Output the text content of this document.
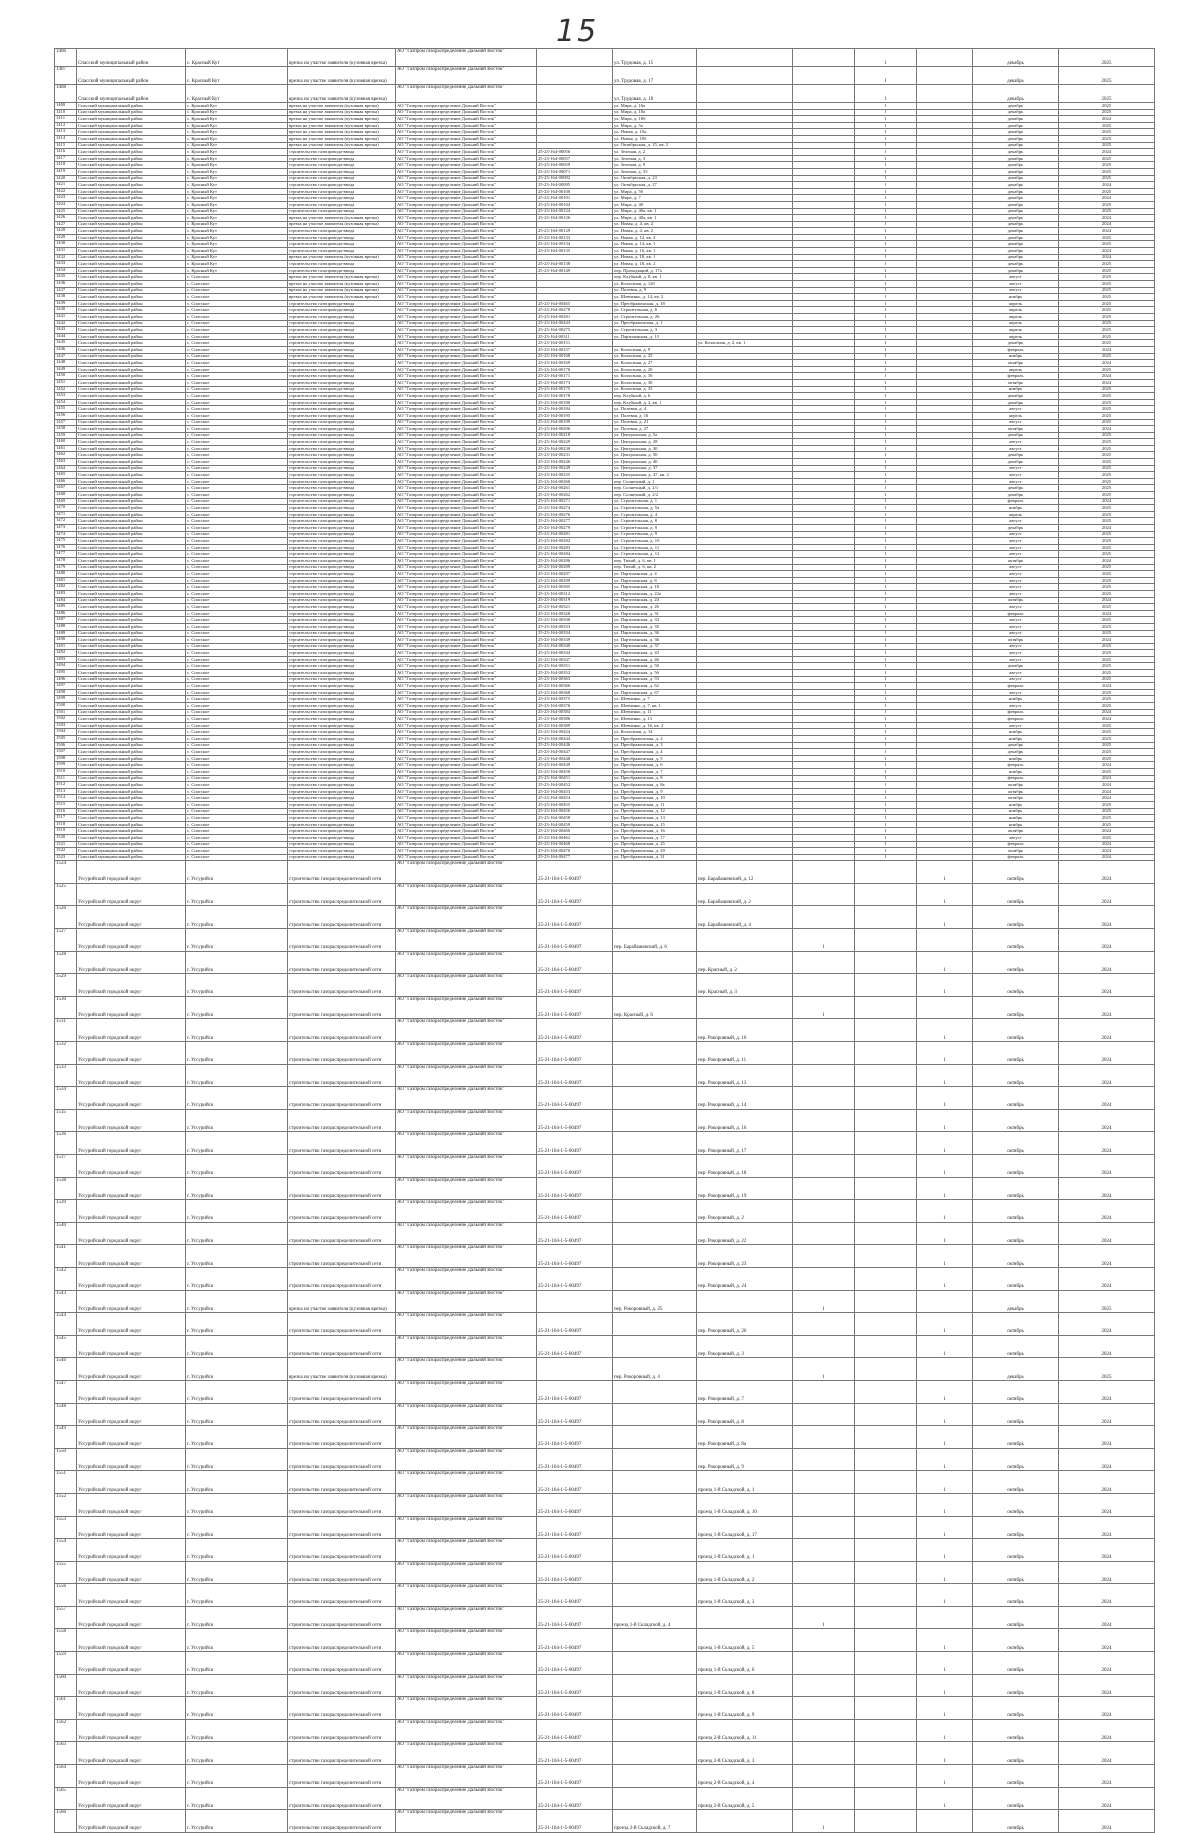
15
1406	Спасский муниципальный район	с. Красный Кут	врезка на участке заявителя (кузовная врезка)	АО "Газпром газораспределение Дальний Восток"		ул. Трудовая, д. 15			1		декабрь	2025
1407	Спасский муниципальный район	с. Красный Кут	врезка на участке заявителя (кузовная врезка)	АО "Газпром газораспределение Дальний Восток"		ул. Трудовая, д. 17			1		декабрь	2025
1408	Спасский муниципальный район	с. Красный Кут	врезка на участке заявителя (кузовная врезка)	АО "Газпром газораспределение Дальний Восток"		ул. Трудовая, д. 18			1		декабрь	2025
1409	Спасский муниципальный район	с. Красный Кут	врезка на участке заявителя (кузовная врезка)	АО "Газпром газораспределение Дальний Восток"		ул. Мира, д. 16а			1		декабрь	2025
1410	Спасский муниципальный район	с. Красный Кут	врезка на участке заявителя (кузовная врезка)	АО "Газпром газораспределение Дальний Восток"		ул. Мира, д. 18а			1		декабрь	2025
1411	Спасский муниципальный район	с. Красный Кут	врезка на участке заявителя (кузовная врезка)	АО "Газпром газораспределение Дальний Восток"		ул. Мира, д. 18б			1		декабрь	2024
1412	Спасский муниципальный район	с. Красный Кут	врезка на участке заявителя (кузовная врезка)	АО "Газпром газораспределение Дальний Восток"		ул. Мира, д. 5а			1		декабрь	2025
1413	Спасский муниципальный район	с. Красный Кут	врезка на участке заявителя (кузовная врезка)	АО "Газпром газораспределение Дальний Восток"		ул. Новая, д. 10а			1		декабрь	2025
1414	Спасский муниципальный район	с. Красный Кут	врезка на участке заявителя (кузовная врезка)	АО "Газпром газораспределение Дальний Восток"		ул. Новая, д. 10б			1		декабрь	2025
1415	Спасский муниципальный район	с. Красный Кут	врезка на участке заявителя (кузовная врезка)	АО "Газпром газораспределение Дальний Восток"		ул. Октябрьская, д. 15, кв. 2			1		декабрь	2025
1416	Спасский муниципальный район	с. Красный Кут	строительство газопровода-ввода	АО "Газпром газораспределение Дальний Восток"	25-23-164-00056	ул. Зеленая, д. 2			1		декабрь	2024
1417	Спасский муниципальный район	с. Красный Кут	строительство газопровода-ввода	АО "Газпром газораспределение Дальний Восток"	25-23-164-00057	ул. Зеленая, д. 3			1		декабрь	2025
1418	Спасский муниципальный район	с. Красный Кут	строительство газопровода-ввода	АО "Газпром газораспределение Дальний Восток"	25-23-164-00059	ул. Зеленая, д. 9			1		декабрь	2025
1419	Спасский муниципальный район	с. Красный Кут	строительство газопровода-ввода	АО "Газпром газораспределение Дальний Восток"	25-23-164-00071	ул. Зеленая, д. 35			1		декабрь	2025
1420	Спасский муниципальный район	с. Красный Кут	строительство газопровода-ввода	АО "Газпром газораспределение Дальний Восток"	25-23-164-00092	ул. Октябрьская, д. 23			1		декабрь	2025
1421	Спасский муниципальный район	с. Красный Кут	строительство газопровода-ввода	АО "Газпром газораспределение Дальний Восток"	25-23-164-00095	ул. Октябрьская, д. 27			1		декабрь	2024
1422	Спасский муниципальный район	с. Красный Кут	строительство газопровода-ввода	АО "Газпром газораспределение Дальний Восток"	25-23-164-00100	ул. Мира, д. 5б			1		декабрь	2025
1423	Спасский муниципальный район	с. Красный Кут	строительство газопровода-ввода	АО "Газпром газораспределение Дальний Восток"	25-23-164-00101	ул. Мира, д. 7			1		декабрь	2024
1424	Спасский муниципальный район	с. Красный Кут	строительство газопровода-ввода	АО "Газпром газораспределение Дальний Восток"	25-23-164-00104	ул. Мира, д. 40			1		декабрь	2025
1425	Спасский муниципальный район	с. Красный Кут	строительство газопровода-ввода	АО "Газпром газораспределение Дальний Восток"	25-23-164-00124	ул. Мира, д. 40а, кв. 1			1		декабрь	2025
1426	Спасский муниципальный район	с. Красный Кут	врезка на участке заявителя (кузовная врезка)	АО "Газпром газораспределение Дальний Восток"	25-23-164-00126	ул. Мира, д. 40а, кв. 1			1		декабрь	2024
1427	Спасский муниципальный район	с. Красный Кут	врезка на участке заявителя (кузовная врезка)	АО "Газпром газораспределение Дальний Восток"		ул. Новая, д. 4, кв. 2			1		декабрь	2024
1428	Спасский муниципальный район	с. Красный Кут	строительство газопровода-ввода	АО "Газпром газораспределение Дальний Восток"	25-23-164-00129	ул. Новая, д. 4, кв. 2			1		декабрь	2024
1429	Спасский муниципальный район	с. Красный Кут	строительство газопровода-ввода	АО "Газпром газораспределение Дальний Восток"	25-23-164-00133	ул. Новая, д. 12, кв. 2			1		декабрь	2025
1430	Спасский муниципальный район	с. Красный Кут	строительство газопровода-ввода	АО "Газпром газораспределение Дальний Восток"	25-23-164-00134	ул. Новая, д. 14, кв. 1			1		декабрь	2025
1431	Спасский муниципальный район	с. Красный Кут	строительство газопровода-ввода	АО "Газпром газораспределение Дальний Восток"	25-23-164-00135	ул. Новая, д. 16, кв. 1			1		декабрь	2024
1432	Спасский муниципальный район	с. Красный Кут	врезка на участке заявителя (кузовная врезка)	АО "Газпром газораспределение Дальний Восток"		ул. Новая, д. 18, кв. 1			1		декабрь	2024
1433	Спасский муниципальный район	с. Красный Кут	строительство газопровода-ввода	АО "Газпром газораспределение Дальний Восток"	25-23-164-00138	ул. Новая, д. 18, кв. 2			1		декабрь	2025
1434	Спасский муниципальный район	с. Красный Кут	строительство газопровода-ввода	АО "Газпром газораспределение Дальний Восток"	25-23-164-00149	пер. Проходящий, д. 17а			1		декабрь	2025
1435	Спасский муниципальный район	с. Спасское	врезка на участке заявителя (кузовная врезка)	АО "Газпром газораспределение Дальний Восток"		пер. Клубный, д. 8, кв. 1			1		август	2025
1436	Спасский муниципальный район	с. Спасское	врезка на участке заявителя (кузовная врезка)	АО "Газпром газораспределение Дальний Восток"		ул. Колхозная, д. 12б			1		август	2025
1437	Спасский муниципальный район	с. Спасское	врезка на участке заявителя (кузовная врезка)	АО "Газпром газораспределение Дальний Восток"		ул. Полевая, д. 9			1		август	2025
1438	Спасский муниципальный район	с. Спасское	врезка на участке заявителя (кузовная врезка)	АО "Газпром газораспределение Дальний Восток"		ул. Шевченко, д. 14, кв. 2			1		ноябрь	2025
1439	Спасский муниципальный район	с. Спасское	строительство газопровода-ввода	АО "Газпром газораспределение Дальний Восток"	25-23-164-00465	ул. Преображенская, д. 18			1		апрель	2025
1440	Спасский муниципальный район	с. Спасское	строительство газопровода-ввода	АО "Газпром газораспределение Дальний Восток"	25-23-164-00278	ул. Строительная, д. 6			1		апрель	2025
1441	Спасский муниципальный район	с. Спасское	строительство газопровода-ввода	АО "Газпром газораспределение Дальний Восток"	25-23-164-00281	ул. Строительная, д. 26			1		апрель	2025
1442	Спасский муниципальный район	с. Спасское	строительство газопровода-ввода	АО "Газпром газораспределение Дальний Восток"	25-23-164-00443	ул. Преображенская, д. 1			1		апрель	2025
1443	Спасский муниципальный район	с. Спасское	строительство газопровода-ввода	АО "Газпром газораспределение Дальний Восток"	25-23-164-00275	ул. Строительная, д. 3			1		апрель	2025
1444	Спасский муниципальный район	с. Спасское	строительство газопровода-ввода	АО "Газпром газораспределение Дальний Восток"	25-23-164-00311	ул. Партизанская, д. 13			1		апрель	2025
1445	Спасский муниципальный район	с. Спасское	строительство газопровода-ввода	АО "Газпром газораспределение Дальний Восток"	25-23-164-00151		ул. Колхозная, д. 2, кв. 1		1		декабрь	2025
1446	Спасский муниципальный район	с. Спасское	строительство газопровода-ввода	АО "Газпром газораспределение Дальний Восток"	25-23-164-00157	ул. Колхозная, д. 9			1		февраль	2024
1447	Спасский муниципальный район	с. Спасское	строительство газопровода-ввода	АО "Газпром газораспределение Дальний Восток"	25-23-164-00168	ул. Колхозная, д. 25			1		ноябрь	2025
1448	Спасский муниципальный район	с. Спасское	строительство газопровода-ввода	АО "Газпром газораспределение Дальний Восток"	25-23-164-00169	ул. Колхозная, д. 27			1		октябрь	2024
1449	Спасский муниципальный район	с. Спасское	строительство газопровода-ввода	АО "Газпром газораспределение Дальний Восток"	25-23-164-00170	ул. Колхозная, д. 29			1		апрель	2025
1450	Спасский муниципальный район	с. Спасское	строительство газопровода-ввода	АО "Газпром газораспределение Дальний Восток"	25-23-164-00171	ул. Колхозная, д. 16			1		февраль	2024
1451	Спасский муниципальный район	с. Спасское	строительство газопровода-ввода	АО "Газпром газораспределение Дальний Восток"	25-23-164-00173	ул. Колхозная, д. 30			1		октябрь	2024
1452	Спасский муниципальный район	с. Спасское	строительство газопровода-ввода	АО "Газпром газораспределение Дальний Восток"	25-23-164-00175	ул. Колхозная, д. 33			1		ноябрь	2025
1453	Спасский муниципальный район	с. Спасское	строительство газопровода-ввода	АО "Газпром газораспределение Дальний Восток"	25-23-164-00178	пер. Клубный, д. 6			1		декабрь	2025
1454	Спасский муниципальный район	с. Спасское	строительство газопровода-ввода	АО "Газпром газораспределение Дальний Восток"	25-23-164-00180	пер. Клубный, д. 2, кв. 1			1		декабрь	2025
1455	Спасский муниципальный район	с. Спасское	строительство газопровода-ввода	АО "Газпром газораспределение Дальний Восток"	25-23-164-00184	ул. Полевая, д. 4			1		август	2025
1456	Спасский муниципальный район	с. Спасское	строительство газопровода-ввода	АО "Газпром газораспределение Дальний Восток"	25-23-164-00195	ул. Полевая, д. 16			1		апрель	2025
1457	Спасский муниципальный район	с. Спасское	строительство газопровода-ввода	АО "Газпром газораспределение Дальний Восток"	25-23-164-00199	ул. Полевая, д. 21			1		август	2025
1458	Спасский муниципальный район	с. Спасское	строительство газопровода-ввода	АО "Газпром газораспределение Дальний Восток"	25-23-164-00206	ул. Полевая, д. 27			1		октябрь	2024
1459	Спасский муниципальный район	с. Спасское	строительство газопровода-ввода	АО "Газпром газораспределение Дальний Восток"	25-23-164-00218	ул. Центральная, д. 5а			1		декабрь	2025
1460	Спасский муниципальный район	с. Спасское	строительство газопровода-ввода	АО "Газпром газораспределение Дальний Восток"	25-23-164-00229	ул. Центральная, д. 28			1		август	2025
1461	Спасский муниципальный район	с. Спасское	строительство газопровода-ввода	АО "Газпром газораспределение Дальний Восток"	25-23-164-00230	ул. Центральная, д. 30			1		август	2025
1462	Спасский муниципальный район	с. Спасское	строительство газопровода-ввода	АО "Газпром газораспределение Дальний Восток"	25-23-164-00231	ул. Центральная, д. 50			1		декабрь	2025
1463	Спасский муниципальный район	с. Спасское	строительство газопровода-ввода	АО "Газпром газораспределение Дальний Восток"	25-23-164-00246	ул. Центральная, д. 40			1		декабрь	2025
1464	Спасский муниципальный район	с. Спасское	строительство газопровода-ввода	АО "Газпром газораспределение Дальний Восток"	25-23-164-00249	ул. Центральная, д. 37			1		август	2025
1465	Спасский муниципальный район	с. Спасское	строительство газопровода-ввода	АО "Газпром газораспределение Дальний Восток"	25-23-164-00255	ул. Центральная, д. 47, кв. 2			1		август	2025
1466	Спасский муниципальный район	с. Спасское	строительство газопровода-ввода	АО "Газпром газораспределение Дальний Восток"	25-23-164-00260	пер. Солнечный, д. 1			1		август	2025
1467	Спасский муниципальный район	с. Спасское	строительство газопровода-ввода	АО "Газпром газораспределение Дальний Восток"	25-23-164-00261	пер. Солнечный, д. 2/1			1		декабрь	2025
1468	Спасский муниципальный район	с. Спасское	строительство газопровода-ввода	АО "Газпром газораспределение Дальний Восток"	25-23-164-00262	пер. Солнечный, д. 2/2			1		декабрь	2025
1469	Спасский муниципальный район	с. Спасское	строительство газопровода-ввода	АО "Газпром газораспределение Дальний Восток"	25-23-164-00271	ул. Строительная, д. 1			1		февраль	2024
1470	Спасский муниципальный район	с. Спасское	строительство газопровода-ввода	АО "Газпром газораспределение Дальний Восток"	25-23-164-00274	ул. Строительная, д. 5а			1		ноябрь	2025
1471	Спасский муниципальный район	с. Спасское	строительство газопровода-ввода	АО "Газпром газораспределение Дальний Восток"	25-23-164-00276	ул. Строительная, д. 4			1		апрель	2025
1472	Спасский муниципальный район	с. Спасское	строительство газопровода-ввода	АО "Газпром газораспределение Дальний Восток"	25-23-164-00277	ул. Строительная, д. 8			1		август	2025
1473	Спасский муниципальный район	с. Спасское	строительство газопровода-ввода	АО "Газпром газораспределение Дальний Восток"	25-23-164-00279	ул. Строительная, д. 9			1		декабрь	2024
1474	Спасский муниципальный район	с. Спасское	строительство газопровода-ввода	АО "Газпром газораспределение Дальний Восток"	25-23-164-00281	ул. Строительная, д. 9			1		август	2025
1475	Спасский муниципальный район	с. Спасское	строительство газопровода-ввода	АО "Газпром газораспределение Дальний Восток"	25-23-164-00282	ул. Строительная, д. 10			1		август	2025
1476	Спасский муниципальный район	с. Спасское	строительство газопровода-ввода	АО "Газпром газораспределение Дальний Восток"	25-23-164-00283	ул. Строительная, д. 11			1		август	2025
1477	Спасский муниципальный район	с. Спасское	строительство газопровода-ввода	АО "Газпром газораспределение Дальний Восток"	25-23-164-00284	ул. Строительная, д. 12			1		август	2025
1478	Спасский муниципальный район	с. Спасское	строительство газопровода-ввода	АО "Газпром газораспределение Дальний Восток"	25-23-164-00286	пер. Тихий, д. 6, кв. 1			1		октябрь	2024
1479	Спасский муниципальный район	с. Спасское	строительство газопровода-ввода	АО "Газпром газораспределение Дальний Восток"	25-23-164-00289	пер. Тихий, д. 6, кв. 2			1		август	2025
1480	Спасский муниципальный район	с. Спасское	строительство газопровода-ввода	АО "Газпром газораспределение Дальний Восток"	25-23-164-00297	ул. Партизанская, д. 4			1		август	2025
1481	Спасский муниципальный район	с. Спасское	строительство газопровода-ввода	АО "Газпром газораспределение Дальний Восток"	25-23-164-00299	ул. Партизанская, д. 8			1		август	2025
1482	Спасский муниципальный район	с. Спасское	строительство газопровода-ввода	АО "Газпром газораспределение Дальний Восток"	25-23-164-00305	ул. Партизанская, д. 18			1		август	2025
1483	Спасский муниципальный район	с. Спасское	строительство газопровода-ввода	АО "Газпром газораспределение Дальний Восток"	25-23-164-00312	ул. Партизанская, д. 22а			1		август	2025
1484	Спасский муниципальный район	с. Спасское	строительство газопровода-ввода	АО "Газпром газораспределение Дальний Восток"	25-23-164-00319	ул. Партизанская, д. 24			1		октябрь	2024
1485	Спасский муниципальный район	с. Спасское	строительство газопровода-ввода	АО "Газпром газораспределение Дальний Восток"	25-23-164-00321	ул. Партизанская, д. 26			1		август	2025
1486	Спасский муниципальный район	с. Спасское	строительство газопровода-ввода	АО "Газпром газораспределение Дальний Восток"	25-23-164-00328	ул. Партизанская, д. 31			1		февраль	2024
1487	Спасский муниципальный район	с. Спасское	строительство газопровода-ввода	АО "Газпром газораспределение Дальний Восток"	25-23-164-00330	ул. Партизанская, д. 33			1		август	2025
1488	Спасский муниципальный район	с. Спасское	строительство газопровода-ввода	АО "Газпром газораспределение Дальний Восток"	25-23-164-00333	ул. Партизанская, д. 35			1		август	2025
1489	Спасский муниципальный район	с. Спасское	строительство газопровода-ввода	АО "Газпром газораспределение Дальний Восток"	25-23-164-00334	ул. Партизанская, д. 36			1		август	2025
1490	Спасский муниципальный район	с. Спасское	строительство газопровода-ввода	АО "Газпром газораспределение Дальний Восток"	25-23-164-00339	ул. Партизанская, д. 36			1		октябрь	2024
1491	Спасский муниципальный район	с. Спасское	строительство газопровода-ввода	АО "Газпром газораспределение Дальний Восток"	25-23-164-00340	ул. Партизанская, д. 37			1		август	2025
1492	Спасский муниципальный район	с. Спасское	строительство газопровода-ввода	АО "Газпром газораспределение Дальний Восток"	25-23-164-00344	ул. Партизанская, д. 43			1		август	2025
1493	Спасский муниципальный район	с. Спасское	строительство газопровода-ввода	АО "Газпром газораспределение Дальний Восток"	25-23-164-00347	ул. Партизанская, д. 46			1		август	2025
1494	Спасский муниципальный район	с. Спасское	строительство газопровода-ввода	АО "Газпром газораспределение Дальний Восток"	25-23-164-00351	ул. Партизанская, д. 50			1		декабрь	2025
1495	Спасский муниципальный район	с. Спасское	строительство газопровода-ввода	АО "Газпром газораспределение Дальний Восток"	25-23-164-00352	ул. Партизанская, д. 56			1		август	2025
1496	Спасский муниципальный район	с. Спасское	строительство газопровода-ввода	АО "Газпром газораспределение Дальний Восток"	25-23-164-00363	ул. Партизанская, д. 53			1		август	2025
1497	Спасский муниципальный район	с. Спасское	строительство газопровода-ввода	АО "Газпром газораспределение Дальний Восток"	25-23-164-00366	ул. Партизанская, д. 62			1		февраль	2024
1498	Спасский муниципальный район	с. Спасское	строительство газопровода-ввода	АО "Газпром газораспределение Дальний Восток"	25-23-164-00368	ул. Партизанская, д. 67			1		август	2025
1499	Спасский муниципальный район	с. Спасское	строительство газопровода-ввода	АО "Газпром газораспределение Дальний Восток"	25-23-164-00375	ул. Шевченко, д. 7			1		ноябрь	2025
1500	Спасский муниципальный район	с. Спасское	строительство газопровода-ввода	АО "Газпром газораспределение Дальний Восток"	25-23-164-00376	ул. Шевченко, д. 7, кв. 1			1		август	2025
1501	Спасский муниципальный район	с. Спасское	строительство газопровода-ввода	АО "Газпром газораспределение Дальний Восток"	25-23-164-00384	ул. Шевченко, д. 11			1		февраль	2024
1502	Спасский муниципальный район	с. Спасское	строительство газопровода-ввода	АО "Газпром газораспределение Дальний Восток"	25-23-164-00386	ул. Шевченко, д. 13			1		февраль	2024
1503	Спасский муниципальный район	с. Спасское	строительство газопровода-ввода	АО "Газпром газораспределение Дальний Восток"	25-23-164-00389	ул. Шевченко, д. 16, кв. 2			1		август	2025
1504	Спасский муниципальный район	с. Спасское	строительство газопровода-ввода	АО "Газпром газораспределение Дальний Восток"	25-23-164-00424	ул. Колхозная, д. 14			1		ноябрь	2025
1505	Спасский муниципальный район	с. Спасское	строительство газопровода-ввода	АО "Газпром газораспределение Дальний Восток"	25-23-164-00444	ул. Преображенская, д. 2			1		ноябрь	2025
1506	Спасский муниципальный район	с. Спасское	строительство газопровода-ввода	АО "Газпром газораспределение Дальний Восток"	25-23-164-00446	ул. Преображенская, д. 3			1		декабрь	2025
1507	Спасский муниципальный район	с. Спасское	строительство газопровода-ввода	АО "Газпром газораспределение Дальний Восток"	25-23-164-00447	ул. Преображенская, д. 4			1		декабрь	2025
1508	Спасский муниципальный район	с. Спасское	строительство газопровода-ввода	АО "Газпром газораспределение Дальний Восток"	25-23-164-00448	ул. Преображенская, д. 5			1		ноябрь	2025
1509	Спасский муниципальный район	с. Спасское	строительство газопровода-ввода	АО "Газпром газораспределение Дальний Восток"	25-23-164-00449	ул. Преображенская, д. 6			1		февраль	2024
1510	Спасский муниципальный район	с. Спасское	строительство газопровода-ввода	АО "Газпром газораспределение Дальний Восток"	25-23-164-00450	ул. Преображенская, д. 7			1		ноябрь	2025
1511	Спасский муниципальный район	с. Спасское	строительство газопровода-ввода	АО "Газпром газораспределение Дальний Восток"	25-23-164-00451	ул. Преображенская, д. 8			1		февраль	2024
1512	Спасский муниципальный район	с. Спасское	строительство газопровода-ввода	АО "Газпром газораспределение Дальний Восток"	25-23-164-00452	ул. Преображенская, д. 8а			1		октябрь	2024
1513	Спасский муниципальный район	с. Спасское	строительство газопровода-ввода	АО "Газпром газораспределение Дальний Восток"	25-23-164-00453	ул. Преображенская, д. 9			1		октябрь	2024
1514	Спасский муниципальный район	с. Спасское	строительство газопровода-ввода	АО "Газпром газораспределение Дальний Восток"	25-23-164-00454	ул. Преображенская, д. 10			1		октябрь	2024
1515	Спасский муниципальный район	с. Спасское	строительство газопровода-ввода	АО "Газпром газораспределение Дальний Восток"	25-23-164-00455	ул. Преображенская, д. 11			1		ноябрь	2025
1516	Спасский муниципальный район	с. Спасское	строительство газопровода-ввода	АО "Газпром газораспределение Дальний Восток"	25-23-164-00456	ул. Преображенская, д. 12			1		ноябрь	2025
1517	Спасский муниципальный район	с. Спасское	строительство газопровода-ввода	АО "Газпром газораспределение Дальний Восток"	25-23-164-00458	ул. Преображенская, д. 13			1		ноябрь	2025
1518	Спасский муниципальный район	с. Спасское	строительство газопровода-ввода	АО "Газпром газораспределение Дальний Восток"	25-23-164-00459	ул. Преображенская, д. 15			1		ноябрь	2025
1519	Спасский муниципальный район	с. Спасское	строительство газопровода-ввода	АО "Газпром газораспределение Дальний Восток"	25-23-164-00460	ул. Преображенская, д. 16			1		октябрь	2024
1520	Спасский муниципальный район	с. Спасское	строительство газопровода-ввода	АО "Газпром газораспределение Дальний Восток"	25-23-164-00462	ул. Преображенская, д. 17			1		август	2025
1521	Спасский муниципальный район	с. Спасское	строительство газопровода-ввода	АО "Газпром газораспределение Дальний Восток"	25-23-164-00468	ул. Преображенская, д. 25			1		февраль	2024
1522	Спасский муниципальный район	с. Спасское	строительство газопровода-ввода	АО "Газпром газораспределение Дальний Восток"	25-23-164-00470	ул. Преображенская, д. 29			1		октябрь	2024
1523	Спасский муниципальный район	с. Спасское	строительство газопровода-ввода	АО "Газпром газораспределение Дальний Восток"	25-23-164-00477	ул. Преображенская, д. 31			1		февраль	2024
1524	Уссурийский городской округ	г. Уссурийск	строительство газораспределительной сети	АО "Газпром газораспределение Дальний Восток"	25-21-164-1-5-00497		пер. Барабашевский, д. 12			1	октябрь	2024
1525	Уссурийский городской округ	г. Уссурийск	строительство газораспределительной сети	АО "Газпром газораспределение Дальний Восток"	25-21-164-1-5-00497		пер. Барабашевский, д. 2			1	октябрь	2024
1526	Уссурийский городской округ	г. Уссурийск	строительство газораспределительной сети	АО "Газпром газораспределение Дальний Восток"	25-21-164-1-5-00497		пер. Барабашевский, д. 4			1	октябрь	2024
1527	Уссурийский городской округ	г. Уссурийск	строительство газораспределительной сети	АО "Газпром газораспределение Дальний Восток"	25-21-164-1-5-00497	пер. Барабашевский, д. 6		1			октябрь	2024
1528	Уссурийский городской округ	г. Уссурийск	строительство газораспределительной сети	АО "Газпром газораспределение Дальний Восток"	25-21-164-1-5-00497		пер. Красный, д. 2			1	октябрь	2024
1529	Уссурийский городской округ	г. Уссурийск	строительство газораспределительной сети	АО "Газпром газораспределение Дальний Восток"	25-21-164-1-5-00497		пер. Красный, д. 3			1	октябрь	2024
1530	Уссурийский городской округ	г. Уссурийск	строительство газораспределительной сети	АО "Газпром газораспределение Дальний Восток"	25-21-164-1-5-00497	пер. Красный, д. 6		1			октябрь	2024
1531	Уссурийский городской округ	г. Уссурийск	строительство газораспределительной сети	АО "Газпром газораспределение Дальний Восток"	25-21-164-1-5-00497		пер. Рокоровный, д. 10			1	октябрь	2024
1532	Уссурийский городской округ	г. Уссурийск	строительство газораспределительной сети	АО "Газпром газораспределение Дальний Восток"	25-21-164-1-5-00497		пер. Рокоровный, д. 11			1	октябрь	2024
1533	Уссурийский городской округ	г. Уссурийск	строительство газораспределительной сети	АО "Газпром газораспределение Дальний Восток"	25-21-164-1-5-00497		пер. Рокоровный, д. 13			1	октябрь	2024
1534	Уссурийский городской округ	г. Уссурийск	строительство газораспределительной сети	АО "Газпром газораспределение Дальний Восток"	25-21-164-1-5-00497		пер. Рокоровный, д. 14			1	октябрь	2024
1535	Уссурийский городской округ	г. Уссурийск	строительство газораспределительной сети	АО "Газпром газораспределение Дальний Восток"	25-21-164-1-5-00497		пер. Рокоровный, д. 16			1	октябрь	2024
1536	Уссурийский городской округ	г. Уссурийск	строительство газораспределительной сети	АО "Газпром газораспределение Дальний Восток"	25-21-164-1-5-00497		пер. Рокоровный, д. 17			1	октябрь	2024
1537	Уссурийский городской округ	г. Уссурийск	строительство газораспределительной сети	АО "Газпром газораспределение Дальний Восток"	25-21-164-1-5-00497		пер. Рокоровный, д. 18			1	октябрь	2024
1538	Уссурийский городской округ	г. Уссурийск	строительство газораспределительной сети	АО "Газпром газораспределение Дальний Восток"	25-21-164-1-5-00497		пер. Рокоровный, д. 19			1	октябрь	2024
1539	Уссурийский городской округ	г. Уссурийск	строительство газораспределительной сети	АО "Газпром газораспределение Дальний Восток"	25-21-164-1-5-00497		пер. Рокоровный, д. 2			1	октябрь	2024
1540	Уссурийский городской округ	г. Уссурийск	строительство газораспределительной сети	АО "Газпром газораспределение Дальний Восток"	25-21-164-1-5-00497		пер. Рокоровный, д. 22			1	октябрь	2024
1541	Уссурийский городской округ	г. Уссурийск	строительство газораспределительной сети	АО "Газпром газораспределение Дальний Восток"	25-21-164-1-5-00497		пер. Рокоровный, д. 23			1	октябрь	2024
1542	Уссурийский городской округ	г. Уссурийск	строительство газораспределительной сети	АО "Газпром газораспределение Дальний Восток"	25-21-164-1-5-00497		пер. Рокоровный, д. 24			1	октябрь	2024
1543	Уссурийский городской округ	г. Уссурийск	врезка на участке заявителя (кузовная врезка)	АО "Газпром газораспределение Дальний Восток"		пер. Рокоровный, д. 25		1			декабрь	2025
1544	Уссурийский городской округ	г. Уссурийск	строительство газораспределительной сети	АО "Газпром газораспределение Дальний Восток"	25-21-164-1-5-00497		пер. Рокоровный, д. 26			1	октябрь	2024
1545	Уссурийский городской округ	г. Уссурийск	строительство газораспределительной сети	АО "Газпром газораспределение Дальний Восток"	25-21-164-1-5-00497		пер. Рокоровный, д. 3			1	октябрь	2024
1546	Уссурийский городской округ	г. Уссурийск	врезка на участке заявителя (кузовная врезка)	АО "Газпром газораспределение Дальний Восток"		пер. Рокоровный, д. 4		1			декабрь	2025
1547	Уссурийский городской округ	г. Уссурийск	строительство газораспределительной сети	АО "Газпром газораспределение Дальний Восток"	25-21-164-1-5-00497		пер. Рокоровный, д. 7			1	октябрь	2024
1548	Уссурийский городской округ	г. Уссурийск	строительство газораспределительной сети	АО "Газпром газораспределение Дальний Восток"	25-21-164-1-5-00497		пер. Рокоровный, д. 8			1	октябрь	2024
1549	Уссурийский городской округ	г. Уссурийск	строительство газораспределительной сети	АО "Газпром газораспределение Дальний Восток"	25-21-164-1-5-00497		пер. Рокоровный, д. 8а			1	октябрь	2024
1550	Уссурийский городской округ	г. Уссурийск	строительство газораспределительной сети	АО "Газпром газораспределение Дальний Восток"	25-21-164-1-5-00497		пер. Рокоровный, д. 9			1	октябрь	2024
1551	Уссурийский городской округ	г. Уссурийск	строительство газораспределительной сети	АО "Газпром газораспределение Дальний Восток"	25-21-164-1-5-00497		проезд 1-й Складской, д. 1			1	октябрь	2024
1552	Уссурийский городской округ	г. Уссурийск	строительство газораспределительной сети	АО "Газпром газораспределение Дальний Восток"	25-21-164-1-5-00497		проезд 1-й Складской, д. 10			1	октябрь	2024
1553	Уссурийский городской округ	г. Уссурийск	строительство газораспределительной сети	АО "Газпром газораспределение Дальний Восток"	25-21-164-1-5-00497		проезд 1-й Складской, д. 17			1	октябрь	2024
1554	Уссурийский городской округ	г. Уссурийск	строительство газораспределительной сети	АО "Газпром газораспределение Дальний Восток"	25-21-164-1-5-00497		проезд 1-й Складской, д. 1			1	октябрь	2024
1555	Уссурийский городской округ	г. Уссурийск	строительство газораспределительной сети	АО "Газпром газораспределение Дальний Восток"	25-21-164-1-5-00497		проезд 1-й Складской, д. 2			1	октябрь	2024
1556	Уссурийский городской округ	г. Уссурийск	строительство газораспределительной сети	АО "Газпром газораспределение Дальний Восток"	25-21-164-1-5-00497		проезд 1-й Складской, д. 3			1	октябрь	2024
1557	Уссурийский городской округ	г. Уссурийск	строительство газораспределительной сети	АО "Газпром газораспределение Дальний Восток"	25-21-164-1-5-00497	проезд 1-й Складской, д. 4		1			октябрь	2024
1558	Уссурийский городской округ	г. Уссурийск	строительство газораспределительной сети	АО "Газпром газораспределение Дальний Восток"	25-21-164-1-5-00497		проезд 1-й Складской, д. 5			1	октябрь	2024
1559	Уссурийский городской округ	г. Уссурийск	строительство газораспределительной сети	АО "Газпром газораспределение Дальний Восток"	25-21-164-1-5-00497		проезд 1-й Складской, д. 6			1	октябрь	2024
1560	Уссурийский городской округ	г. Уссурийск	строительство газораспределительной сети	АО "Газпром газораспределение Дальний Восток"	25-21-164-1-5-00497		проезд 1-й Складской, д. 8			1	октябрь	2024
1561	Уссурийский городской округ	г. Уссурийск	строительство газораспределительной сети	АО "Газпром газораспределение Дальний Восток"	25-21-164-1-5-00497		проезд 1-й Складской, д. 9			1	октябрь	2024
1562	Уссурийский городской округ	г. Уссурийск	строительство газораспределительной сети	АО "Газпром газораспределение Дальний Восток"	25-21-164-1-5-00497		проезд 2-й Складской, д. 11			1	октябрь	2024
1563	Уссурийский городской округ	г. Уссурийск	строительство газораспределительной сети	АО "Газпром газораспределение Дальний Восток"	25-21-164-1-5-00497		проезд 2-й Складской, д. 3			1	октябрь	2024
1564	Уссурийский городской округ	г. Уссурийск	строительство газораспределительной сети	АО "Газпром газораспределение Дальний Восток"	25-21-164-1-5-00497		проезд 2-й Складской, д. 4			1	октябрь	2024
1565	Уссурийский городской округ	г. Уссурийск	строительство газораспределительной сети	АО "Газпром газораспределение Дальний Восток"	25-21-164-1-5-00497		проезд 2-й Складской, д. 5			1	октябрь	2024
1566	Уссурийский городской округ	г. Уссурийск	строительство газораспределительной сети	АО "Газпром газораспределение Дальний Восток"	25-21-164-1-5-00497	проезд 2-й Складской, д. 7		1			октябрь	2024
